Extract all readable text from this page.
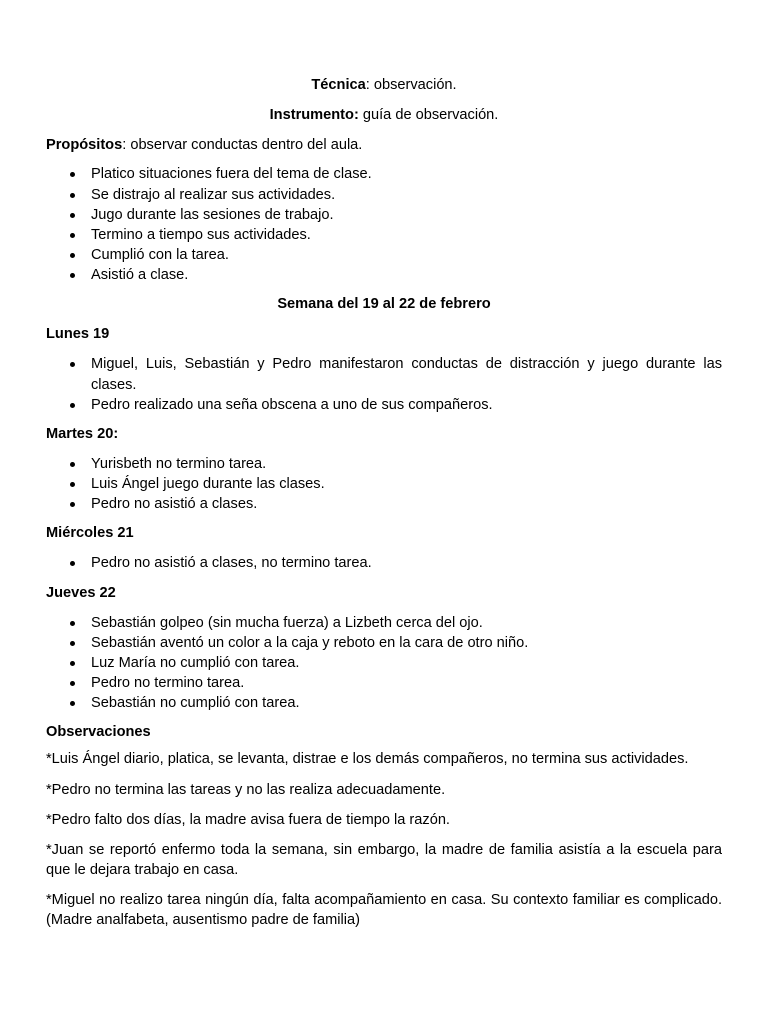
Técnica: observación.

Instrumento: guía de observación.

Propósitos: observar conductas dentro del aula.

Platico situaciones fuera del tema de clase.
Se distrajo al realizar sus actividades.
Jugo durante las sesiones de trabajo.
Termino a tiempo sus actividades.
Cumplió con la tarea.
Asistió a clase.

Semana del 19 al 22 de febrero

Lunes 19

Miguel, Luis, Sebastián y Pedro manifestaron conductas de distracción y juego durante las clases.
Pedro realizado una seña obscena a uno de sus compañeros.

Martes 20:

Yurisbeth no termino tarea.
Luis Ángel juego durante las clases.
Pedro no asistió a clases.

Miércoles 21

Pedro no asistió a clases, no termino tarea.

Jueves 22

Sebastián golpeo (sin mucha fuerza) a Lizbeth cerca del ojo.
Sebastián aventó un color a la caja y reboto en la cara de otro niño.
Luz María no cumplió con tarea.
Pedro no termino tarea.
Sebastián no cumplió con tarea.

Observaciones

*Luis Ángel diario, platica, se levanta, distrae e los demás compañeros, no termina sus actividades.

*Pedro no termina las tareas y no las realiza adecuadamente.

*Pedro falto dos días, la madre avisa fuera de tiempo la razón.

*Juan se reportó enfermo toda la semana, sin embargo, la madre de familia asistía a la escuela para que le dejara trabajo en casa.

*Miguel no realizo tarea ningún día, falta acompañamiento en casa. Su contexto familiar es complicado. (Madre analfabeta, ausentismo padre de familia)
